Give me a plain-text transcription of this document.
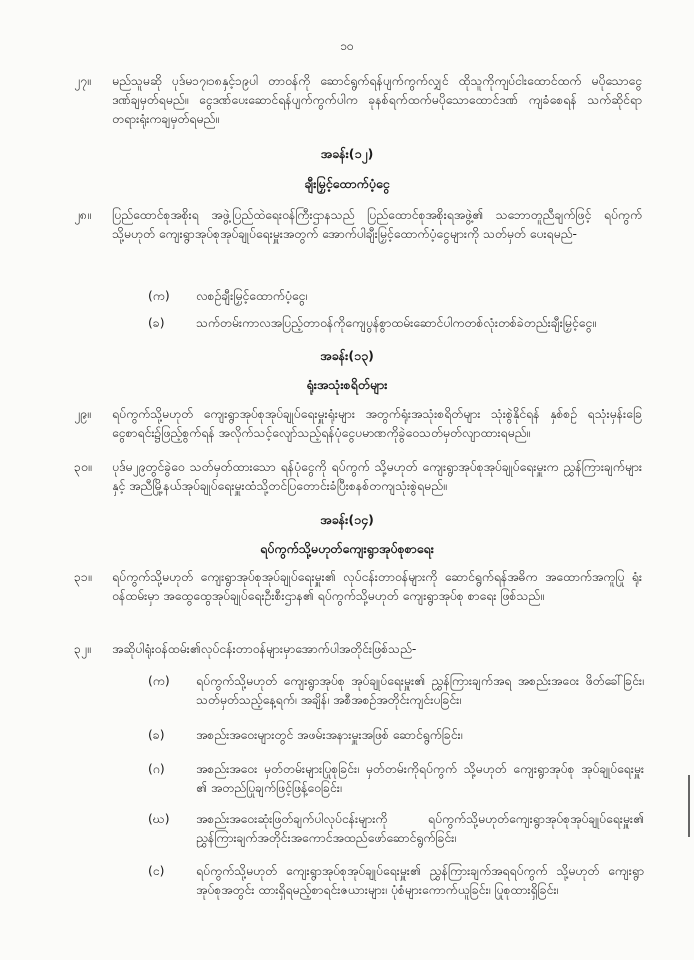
၁၀
၂၇။	မည်သူမဆို ပုဒ်မ၁၇၊၁၈နှင့်၁၉ပါ တာဝန်ကို ဆောင်ရွက်ရန်ပျက်ကွက်လျှင် ထိုသူကိုကျပ်ငါးထောင်ထက် မပိုသောငွေ ဒဏ်ချမှတ်ရမည်။ ငွေဒဏ်ပေးဆောင်ရန်ပျက်ကွက်ပါက ခုနစ်ရက်ထက်မပိုသောထောင်ဒဏ် ကျခံစေရန် သက်ဆိုင်ရာတရားရုံးကချမှတ်ရမည်။
အခန်း(၁၂)
ချီးမြှင့်ထောက်ပံ့ငွေ
၂၈။	ပြည်ထောင်စုအစိုးရ အဖွဲ့ပြည်ထဲရေးဝန်ကြီးဌာနသည် ပြည်ထောင်စုအစိုးရအဖွဲ့၏ သဘောတူညီချက်ဖြင့် ရပ်ကွက် သို့မဟုတ် ကျေးရွာအုပ်စုအုပ်ချုပ်ရေးမှူးအတွက် အောက်ပါချီးမြှင့်ထောက်ပံ့ငွေများကို သတ်မှတ် ပေးရမည်-
(က)	လစဉ်ချီးမြှင့်ထောက်ပံ့ငွေ၊
(ခ)	သက်တမ်းကာလအပြည့်တာဝန်ကိုကျေပွန်စွာထမ်းဆောင်ပါကတစ်လုံးတစ်ခဲတည်းချီးမြှင့်ငွေ။
အခန်း(၁၃)
ရုံးအသုံးစရိတ်များ
၂၉။	ရပ်ကွက်သို့မဟုတ် ကျေးရွာအုပ်စုအုပ်ချုပ်ရေးမှူးရုံးများ အတွက်ရုံးအသုံးစရိတ်များ သုံးစွဲနိုင်ရန် နှစ်စဉ် ရသုံးမှန်းခြေ ငွေစာရင်း၌ဖြည့်စွက်ရန် အလိုက်သင့်လျော်သည့်ရန်ပုံငွေပမာဏကိုခွဲဝေသတ်မှတ်လျာထားရမည်။
၃၀။	ပုဒ်မ၂၉တွင်ခွဲဝေ သတ်မှတ်ထားသော ရန်ပုံငွေကို ရပ်ကွက် သို့မဟုတ် ကျေးရွာအုပ်စုအုပ်ချုပ်ရေးမှူးက ညွှန်ကြားချက်များနှင့် အညီမြို့နယ်အုပ်ချုပ်ရေးမှူးထံသို့တင်ပြတောင်းခံပြီးစနစ်တကျသုံးစွဲရမည်။
အခန်း(၁၄)
ရပ်ကွက်သို့မဟုတ်ကျေးရွာအုပ်စုစာရေး
၃၁။	ရပ်ကွက်သို့မဟုတ် ကျေးရွာအုပ်စုအုပ်ချုပ်ရေးမှူး၏ လုပ်ငန်းတာဝန်များကို ဆောင်ရွက်ရန်အဓိက အထောက်အကူပြု ရုံးဝန်ထမ်းမှာ အထွေထွေအုပ်ချုပ်ရေးဦးစီးဌာန၏ ရပ်ကွက်သို့မဟုတ် ကျေးရွာအုပ်စု စာရေး ဖြစ်သည်။
၃၂။	အဆိုပါရုံးဝန်ထမ်း၏လုပ်ငန်းတာဝန်များမှာအောက်ပါအတိုင်းဖြစ်သည်-
(က)	ရပ်ကွက်သို့မဟုတ် ကျေးရွာအုပ်စု အုပ်ချုပ်ရေးမှူး၏ ညွှန်ကြားချက်အရ အစည်းအဝေး ဖိတ်ခေါ်ခြင်း၊ သတ်မှတ်သည့်နေ့ရက်၊ အချိန်၊ အစီအစဉ်အတိုင်းကျင်းပခြင်း၊
(ခ)	အစည်းအဝေးများတွင် အဖမ်းအနားမှူးအဖြစ် ဆောင်ရွက်ခြင်း၊
(ဂ)	အစည်းအဝေး မှတ်တမ်းများပြုစုခြင်း၊ မှတ်တမ်းကိုရပ်ကွက် သို့မဟုတ် ကျေးရွာအုပ်စု အုပ်ချုပ်ရေးမှူး ၏ အတည်ပြုချက်ဖြင့်ဖြန့်ဝေခြင်း၊
(ဃ)	အစည်းအဝေးဆုံးဖြတ်ချက်ပါလုပ်ငန်းများကို ရပ်ကွက်သို့မဟုတ်ကျေးရွာအုပ်စုအုပ်ချုပ်ရေးမှူး၏ ညွှန်ကြားချက်အတိုင်းအကောင်အထည်ဖော်ဆောင်ရွက်ခြင်း၊
(င)	ရပ်ကွက်သို့မဟုတ် ကျေးရွာအုပ်စုအုပ်ချုပ်ရေးမှူး၏ ညွှန်ကြားချက်အရရပ်ကွက် သို့မဟုတ် ကျေးရွာ အုပ်စုအတွင်း ထားရှိရမည့်စာရင်းဇယားများ၊ ပုံစံများကောက်ယူခြင်း၊ ပြုစုထားရှိခြင်း၊
